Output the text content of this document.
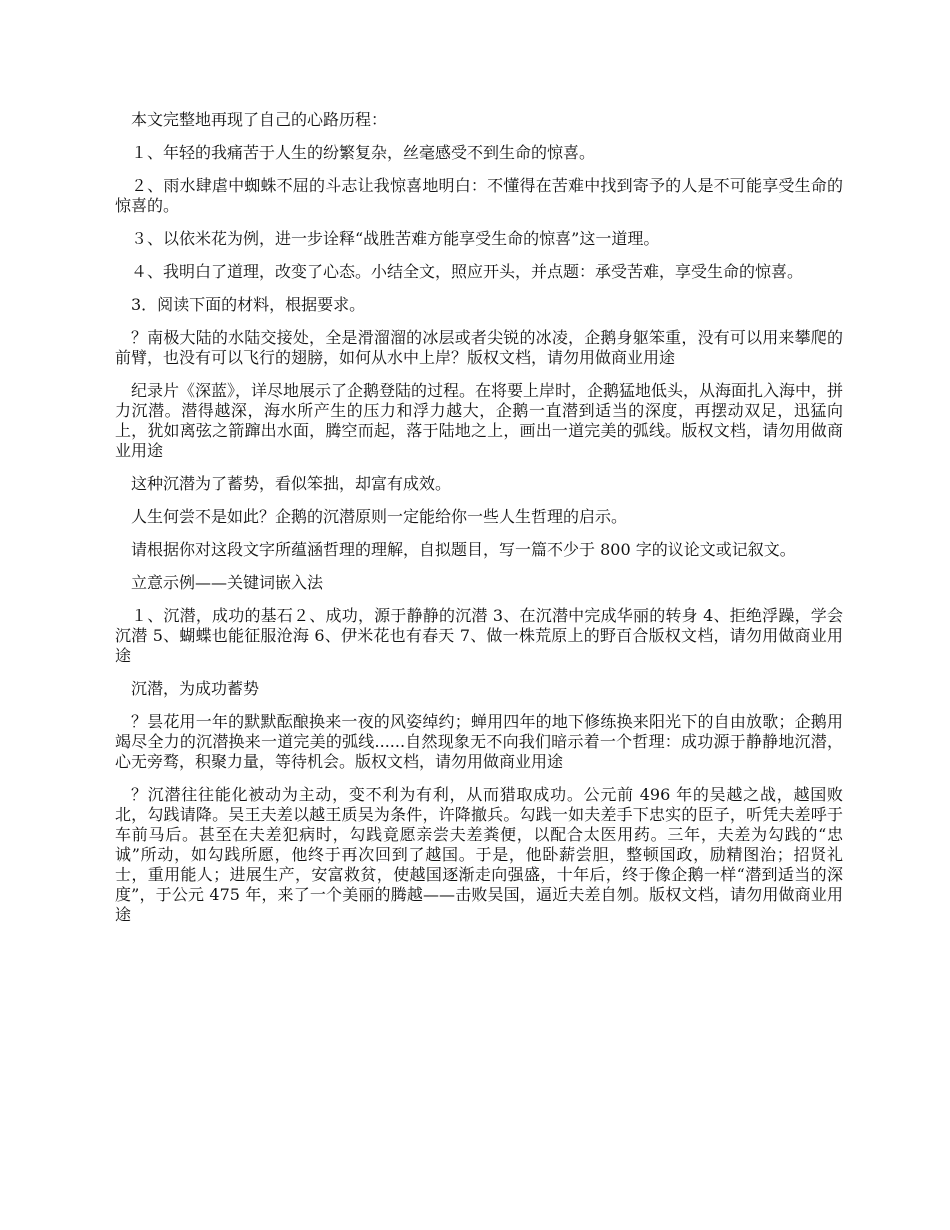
本文完整地再现了自己的心路历程：

１、年轻的我痛苦于人生的纷繁复杂，丝毫感受不到生命的惊喜。

２、雨水肆虐中蜘蛛不屈的斗志让我惊喜地明白：不懂得在苦难中找到寄予的人是不可能享受生命的惊喜的。

３、以依米花为例，进一步诠释“战胜苦难方能享受生命的惊喜”这一道理。

４、我明白了道理，改变了心态。小结全文，照应开头，并点题：承受苦难，享受生命的惊喜。

3．阅读下面的材料，根据要求。

？南极大陆的水陆交接处，全是滑溜溜的冰层或者尖锐的冰凌，企鹅身躯笨重，没有可以用来攀爬的前臂，也没有可以飞行的翅膀，如何从水中上岸？版权文档，请勿用做商业用途

纪录片《深蓝》，详尽地展示了企鹅登陆的过程。在将要上岸时，企鹅猛地低头，从海面扎入海中，拼力沉潜。潜得越深，海水所产生的压力和浮力越大，企鹅一直潜到适当的深度，再摆动双足，迅猛向上，犹如离弦之箭蹿出水面，腾空而起，落于陆地之上，画出一道完美的弧线。版权文档，请勿用做商业用途

这种沉潜为了蓄势，看似笨拙，却富有成效。

人生何尝不是如此？企鹅的沉潜原则一定能给你一些人生哲理的启示。

请根据你对这段文字所蕴涵哲理的理解，自拟题目，写一篇不少于 800 字的议论文或记叙文。

立意示例——关键词嵌入法

１、沉潜，成功的基石２、成功，源于静静的沉潜 3、在沉潜中完成华丽的转身 4、拒绝浮躁，学会沉潜 5、蝴蝶也能征服沧海 6、伊米花也有春天 7、做一株荒原上的野百合版权文档，请勿用做商业用途

沉潜，为成功蓄势

？昙花用一年的默默酝酿换来一夜的风姿绰约；蝉用四年的地下修练换来阳光下的自由放歌；企鹅用竭尽全力的沉潜换来一道完美的弧线......自然现象无不向我们暗示着一个哲理：成功源于静静地沉潜，心无旁骛，积聚力量，等待机会。版权文档，请勿用做商业用途

？沉潜往往能化被动为主动，变不利为有利，从而猎取成功。公元前 496 年的吴越之战，越国败北，勾践请降。吴王夫差以越王质吴为条件，许降撤兵。勾践一如夫差手下忠实的臣子，听凭夫差呼于车前马后。甚至在夫差犯病时，勾践竟愿亲尝夫差粪便，以配合太医用药。三年，夫差为勾践的“忠诚”所动，如勾践所愿，他终于再次回到了越国。于是，他卧薪尝胆，整顿国政，励精图治；招贤礼士，重用能人；进展生产，安富救贫，使越国逐渐走向强盛，十年后，终于像企鹅一样“潜到适当的深度”，于公元 475 年，来了一个美丽的腾越——击败吴国，逼近夫差自刎。版权文档，请勿用做商业用途
